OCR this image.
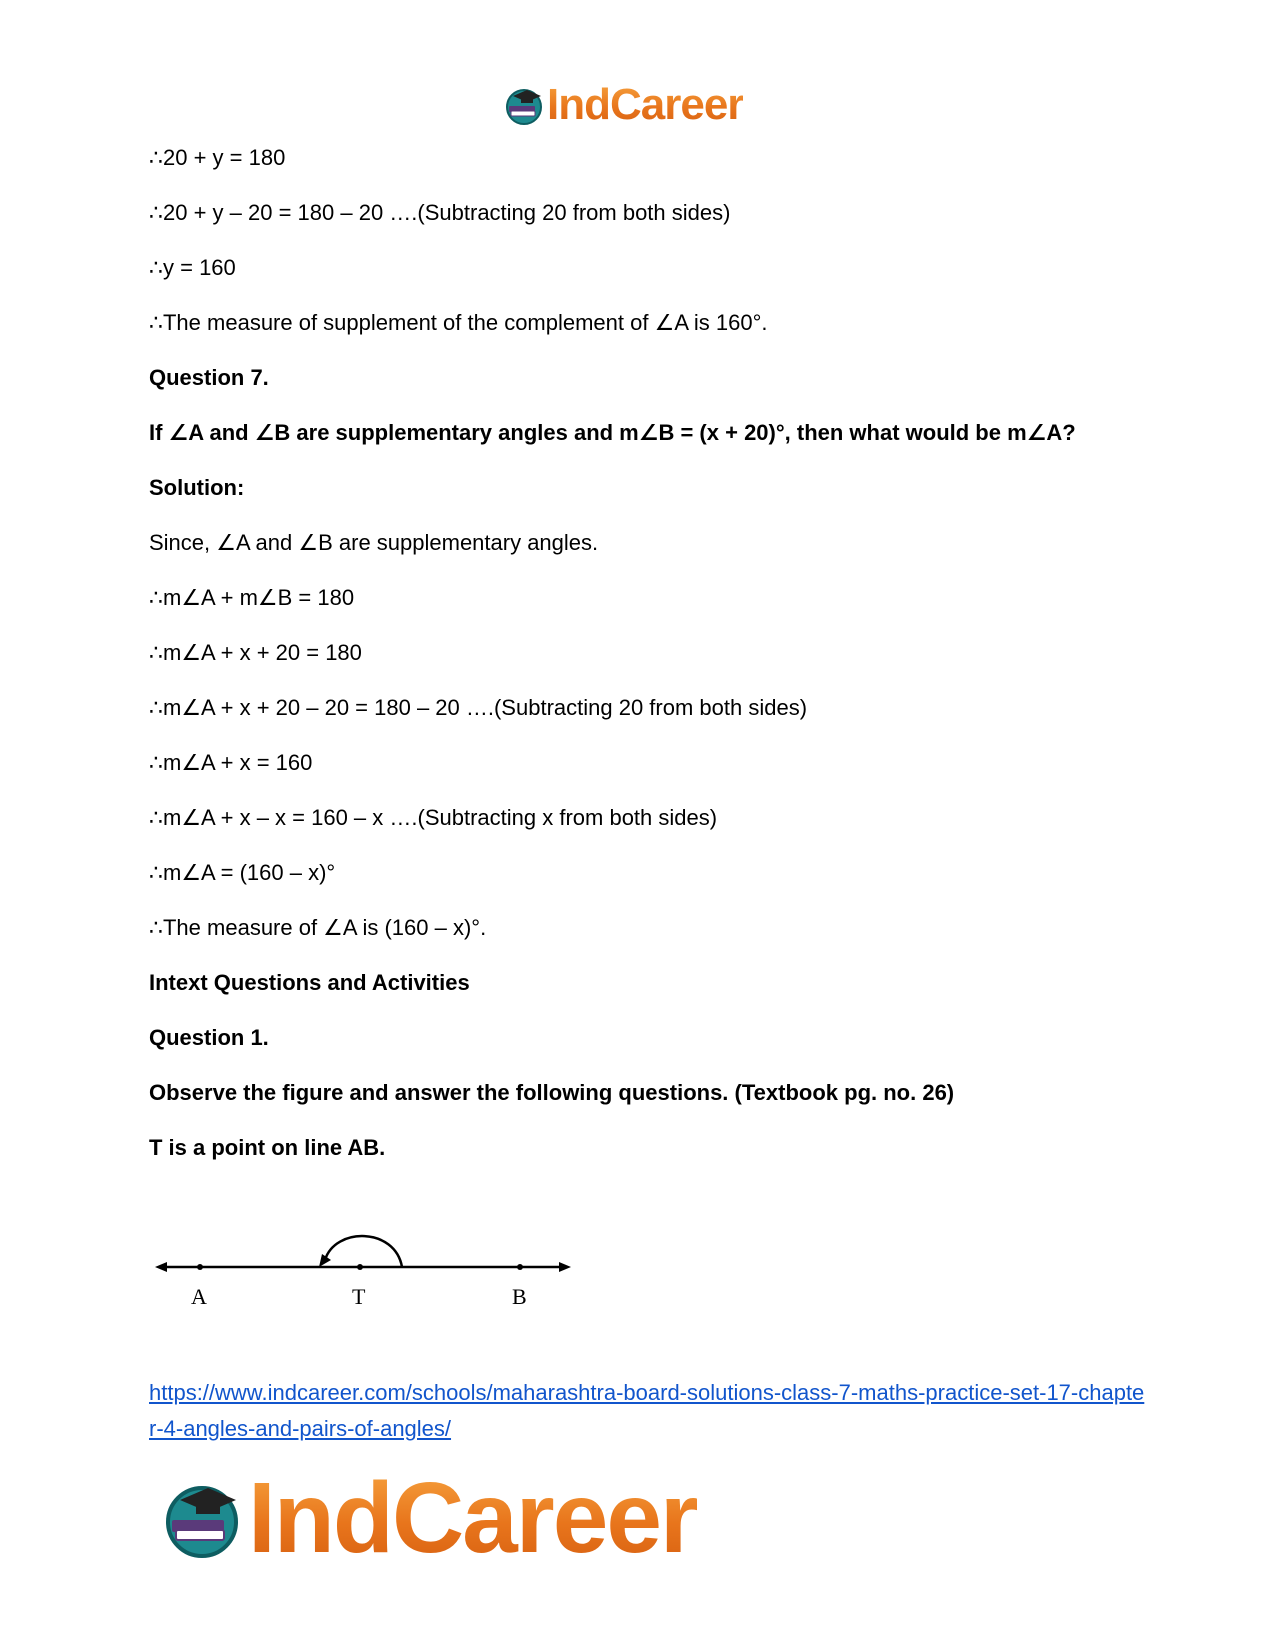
IndCareer
∴20 + y = 180
∴20 + y – 20 = 180 – 20 ….(Subtracting 20 from both sides)
∴y = 160
∴The measure of supplement of the complement of ∠A is 160°.
Question 7.
If ∠A and ∠B are supplementary angles and m∠B = (x + 20)°, then what would be m∠A?
Solution:
Since, ∠A and ∠B are supplementary angles.
∴m∠A + m∠B = 180
∴m∠A + x + 20 = 180
∴m∠A + x + 20 – 20 = 180 – 20 ….(Subtracting 20 from both sides)
∴m∠A + x = 160
∴m∠A + x – x = 160 – x ….(Subtracting x from both sides)
∴m∠A = (160 – x)°
∴The measure of ∠A is (160 – x)°.
Intext Questions and Activities
Question 1.
Observe the figure and answer the following questions. (Textbook pg. no. 26)
T is a point on line AB.
A	T	B
https://www.indcareer.com/schools/maharashtra-board-solutions-class-7-maths-practice-set-17-chapter-4-angles-and-pairs-of-angles/
IndCareer
